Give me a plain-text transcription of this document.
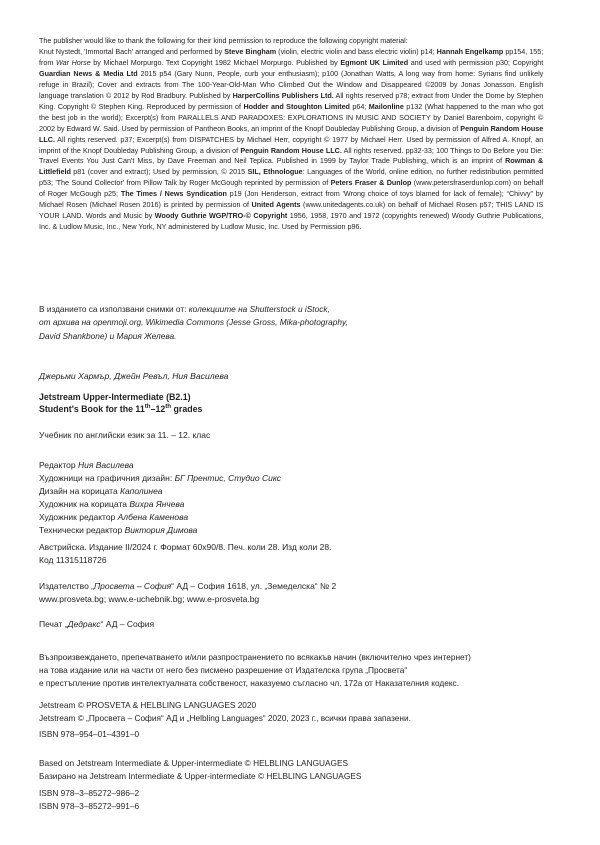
The publisher would like to thank the following for their kind permission to reproduce the following copyright material:
Knut Nystedt, 'Immortal Bach' arranged and performed by Steve Bingham (violin, electric violin and bass electric violin) p14; Hannah Engelkamp pp154, 155; from War Horse by Michael Morpurgo. Text Copyright 1982 Michael Morpurgo. Published by Egmont UK Limited and used with permission p30; Copyright Guardian News & Media Ltd 2015 p54 (Gary Nunn, People, curb your enthusiasm); p100 (Jonathan Watts, A long way from home: Syrians find unlikely refuge in Brazil); Cover and extracts from The 100-Year-Old-Man Who Climbed Out the Window and Disappeared ©2009 by Jonas Jonasson. English language translation © 2012 by Rod Bradbury. Published by HarperCollins Publishers Ltd. All rights reserved p78; extract from Under the Dome by Stephen King. Copyright © Stephen King. Reproduced by permission of Hodder and Stoughton Limited p64; Mailonline p132 (What happened to the man who got the best job in the world); Excerpt(s) from PARALLELS AND PARADOXES: EXPLORATIONS IN MUSIC AND SOCIETY by Daniel Barenboim, copyright © 2002 by Edward W. Said. Used by permission of Pantheon Books, an imprint of the Knopf Doubleday Publishing Group, a division of Penguin Random House LLC. All rights reserved. p37; Excerpt(s) from DISPATCHES by Michael Herr, copyright © 1977 by Michael Herr. Used by permission of Alfred A. Knopf, an imprint of the Knopf Doubleday Publishing Group, a division of Penguin Random House LLC. All rights reserved. pp32-33; 100 Things to Do Before you Die: Travel Events You Just Can't Miss, by Dave Freeman and Neil Teplica. Published in 1999 by Taylor Trade Publishing, which is an imprint of Rowman & Littlefield p81 (cover and extract); Used by permission, © 2015 SIL, Ethnologue: Languages of the World, online edition, no further redistribution permitted p53; 'The Sound Collector' from Pillow Talk by Roger McGough reprinted by permission of Peters Fraser & Dunlop (www.petersfraserdunlop.com) on behalf of Roger McGough p25; The Times / News Syndication p19 (Jon Henderson, extract from 'Wrong choice of toys blamed for lack of female); “Chivvy” by Michael Rosen (Michael Rosen 2016) is printed by permission of United Agents (www.unitedagents.co.uk) on behalf of Michael Rosen p57; THIS LAND IS YOUR LAND. Words and Music by Woody Guthrie WGP/TRO-© Copyright 1956, 1958, 1970 and 1972 (copyrights renewed) Woody Guthrie Publications, Inc. & Ludlow Music, Inc., New York, NY administered by Ludlow Music, Inc. Used by Permission p96.

В изданието са използвани снимки от: колекциите на Shutterstock и iStock,
от архива на openmoji.org, Wikimedia Commons (Jesse Gross, Mika-photography,
David Shankbone) и Мария Желева.
Джерьми Хармър, Джейн Ревъл, Ния Василева
Jetstream Upper-Intermediate (B2.1)
Student's Book for the 11th–12th grades
Учебник по английски език за 11. – 12. клас
Редактор Ния Василева
Художници на графичния дизайн: БГ Прентис, Студио Сикс
Дизайн на корицата Каполинеа
Художник на корицата Вихра Янчева
Художник редактор Албена Каменова
Технически редактор Виктория Димова
Австрийска. Издание II/2024 г. Формат 60x90/8. Печ. коли 28. Изд коли 28.
Код 11315118726
Издателство „Просвета – София“ АД – София 1618, ул. „Земеделска“ № 2
www.prosveta.bg; www.e-uchebnik.bg; www.e-prosveta.bg
Печат „Дедракс“ АД – София
Възпроизвеждането, препечатването и/или разпространението по всякакъв начин (включително чрез интернет)
на това издание или на части от него без писмено разрешение от Издателска група „Просвета“
е престъпление против интелектуалната собственост, наказуемо съгласно чл. 172а от Наказателния кодекс.
Jetstream © PROSVETA & HELBLING LANGUAGES 2020
Jetstream © „Просвета – София“ АД и „Helbling Languages“ 2020, 2023 г., всички права запазени.
ISBN 978–954–01–4391–0
Based on Jetstream Intermediate & Upper-intermediate © HELBLING LANGUAGES
Базирано на Jetstream Intermediate & Upper-intermediate © HELBLING LANGUAGES
ISBN 978–3–85272–986–2
ISBN 978–3–85272–991–6
